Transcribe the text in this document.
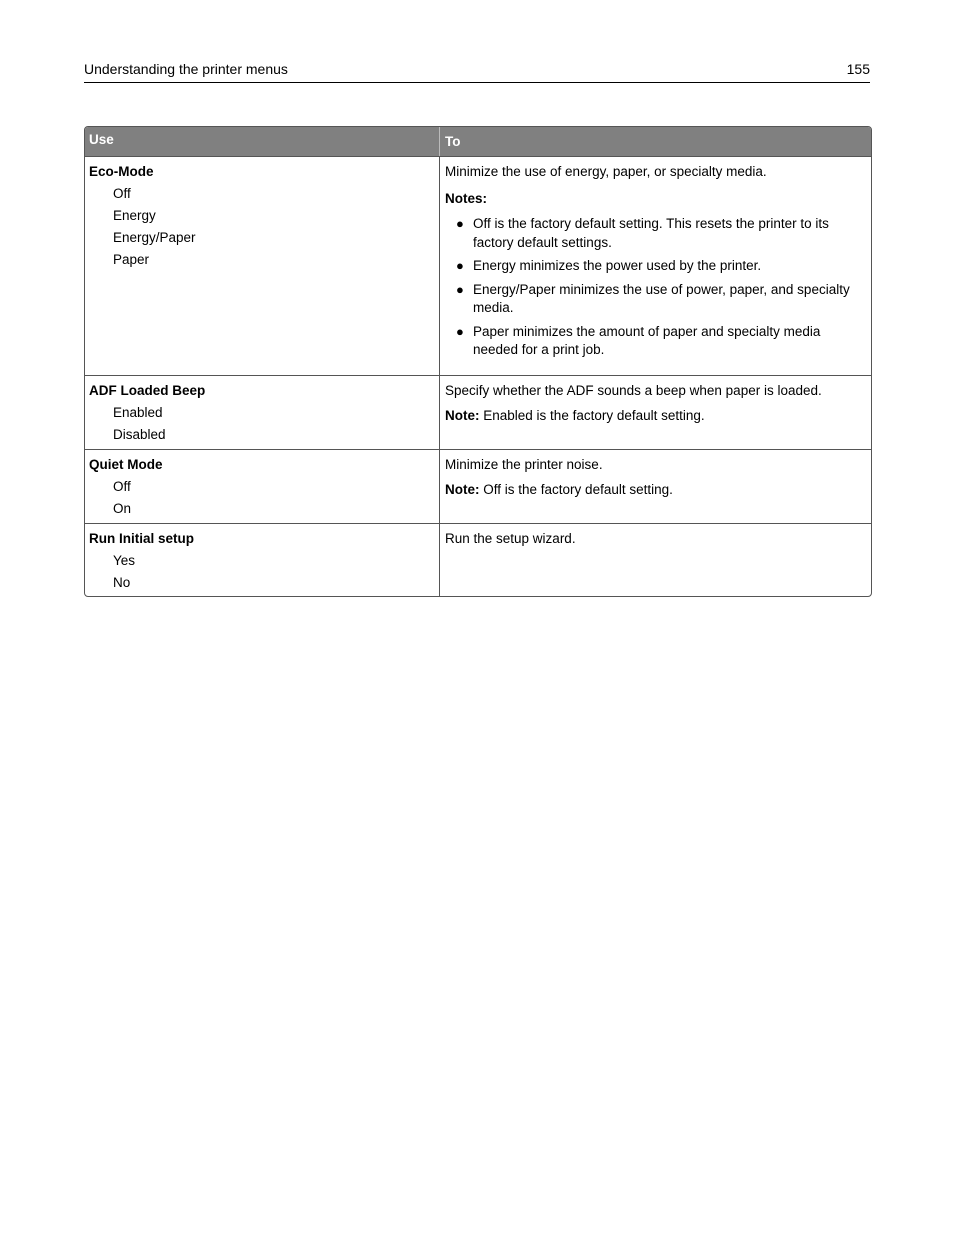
Understanding the printer menus	155
Use	To
Eco-Mode
Off
Energy
Energy/Paper
Paper

Minimize the use of energy, paper, or specialty media.

Notes:
● Off is the factory default setting. This resets the printer to its factory default settings.
● Energy minimizes the power used by the printer.
● Energy/Paper minimizes the use of power, paper, and specialty media.
● Paper minimizes the amount of paper and specialty media needed for a print job.
ADF Loaded Beep
Enabled
Disabled

Specify whether the ADF sounds a beep when paper is loaded.

Note: Enabled is the factory default setting.
Quiet Mode
Off
On

Minimize the printer noise.

Note: Off is the factory default setting.
Run Initial setup
Yes
No

Run the setup wizard.
